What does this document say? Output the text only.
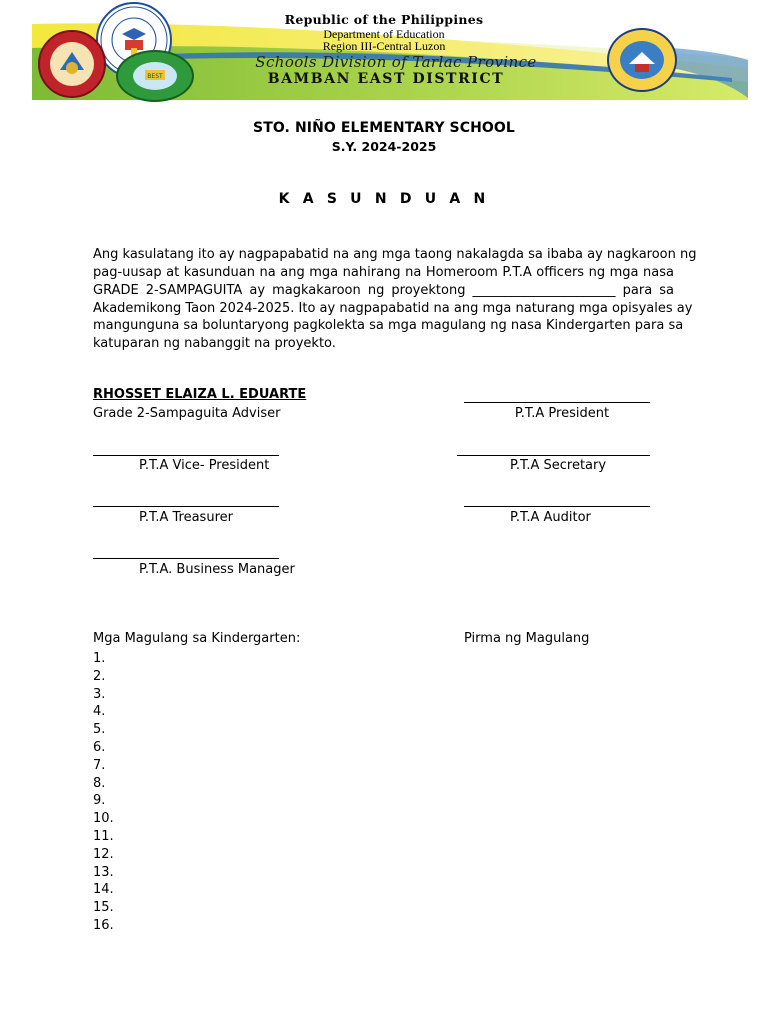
BEST
Republic of the Philippines
Department of Education
Region III-Central Luzon
Schools Division of Tarlac Province
BAMBAN EAST DISTRICT
STO. NIÑO ELEMENTARY SCHOOL
S.Y. 2024-2025
K A S U N D U A N
Ang kasulatang ito ay nagpapabatid na ang mga taong nakalagda sa ibaba ay nagkaroon ng
pag-uusap at kasunduan na ang mga nahirang na Homeroom P.T.A officers ng mga nasa
GRADE 2-SAMPAGUITA ay magkakaroon ng proyektong ______________________ para sa
Akademikong Taon 2024-2025. Ito ay nagpapabatid na ang mga naturang mga opisyales ay
mangunguna sa boluntaryong pagkolekta sa mga magulang ng nasa Kindergarten para sa
katuparan ng nabanggit na proyekto.
RHOSSET ELAIZA L. EDUARTE
Grade 2-Sampaguita Adviser	P.T.A President
P.T.A Vice- President	P.T.A Secretary
P.T.A Treasurer	P.T.A Auditor
P.T.A. Business Manager
Mga Magulang sa Kindergarten:	Pirma ng Magulang
1.
2.
3.
4.
5.
6.
7.
8.
9.
10.
11.
12.
13.
14.
15.
16.
